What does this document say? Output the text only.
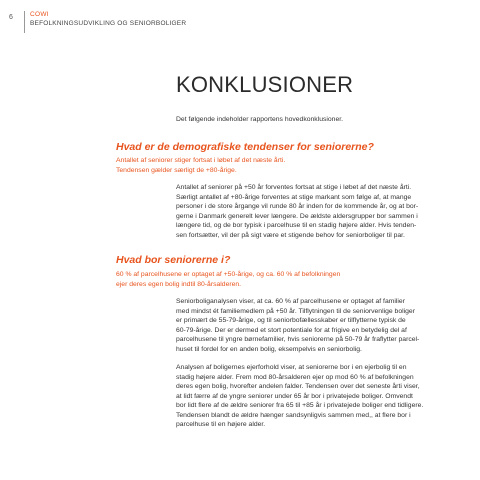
6	COWI
BEFOLKNINGSUDVIKLING OG SENIORBOLIGER
KONKLUSIONER
Det følgende indeholder rapportens hovedkonklusioner.
Hvad er de demografiske tendenser for seniorerne?
Antallet af seniorer stiger fortsat i løbet af det næste årti.
Tendensen gælder særligt de +80-årige.
Antallet af seniorer på +50 år forventes fortsat at stige i løbet af det næste årti.
Særligt antallet af +80-årige forventes at stige markant som følge af, at mange
personer i de store årgange vil runde 80 år inden for de kommende år, og at bor-
gerne i Danmark generelt lever længere. De ældste aldersgrupper bor sammen i
længere tid, og de bor typisk i parcelhuse til en stadig højere alder. Hvis tenden-
sen fortsætter, vil der på sigt være et stigende behov for seniorboliger til par.
Hvad bor seniorerne i?
60 % af parcelhusene er optaget af +50-årige, og ca. 60 % af befolkningen
ejer deres egen bolig indtil 80-årsalderen.
Seniorboliganalysen viser, at ca. 60 % af parcelhusene er optaget af familier
med mindst ét familiemedlem på +50 år. Tilflytningen til de seniorvenlige boliger
er primært de 55-79-årige, og til seniorbofællesskaber er tilflytterne typisk de
60-79-årige. Der er dermed et stort potentiale for at frigive en betydelig del af
parcelhusene til yngre børnefamilier, hvis seniorerne på 50-79 år fraflytter parcel-
huset til fordel for en anden bolig, eksempelvis en seniorbolig.
Analysen af boligernes ejerforhold viser, at seniorerne bor i en ejerbolig til en
stadig højere alder. Frem mod 80-årsalderen ejer op mod 60 % af befolkningen
deres egen bolig, hvorefter andelen falder. Tendensen over det seneste årti viser,
at lidt færre af de yngre seniorer under 65 år bor i privatejede boliger. Omvendt
bor lidt flere af de ældre seniorer fra 65 til +85 år i privatejede boliger end tidligere.
Tendensen blandt de ældre hænger sandsynligvis sammen med,, at flere bor i
parcelhuse til en højere alder.
